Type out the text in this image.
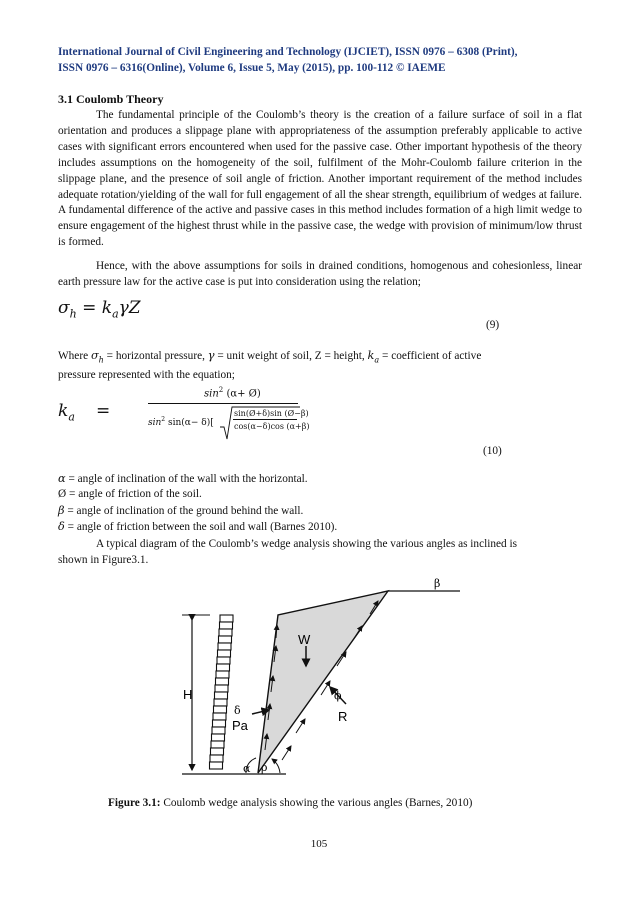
International Journal of Civil Engineering and Technology (IJCIET), ISSN 0976 – 6308 (Print),
ISSN 0976 – 6316(Online), Volume 6, Issue 5, May (2015), pp. 100-112 © IAEME
3.1 Coulomb Theory
The fundamental principle of the Coulomb’s theory is the creation of a failure surface of soil in a flat orientation and produces a slippage plane with appropriateness of the assumption preferably applicable to active cases with significant errors encountered when used for the passive case. Other important hypothesis of the theory includes assumptions on the homogeneity of the soil, fulfilment of the Mohr-Coulomb failure criterion in the slippage plane, and the presence of soil angle of friction. Another important requirement of the method includes adequate rotation/yielding of the wall for full engagement of all the shear strength, equilibrium of wedges at failure. A fundamental difference of the active and passive cases in this method includes formation of a high limit wedge to ensure engagement of the highest thrust while in the passive case, the wedge with provision of minimum/low thrust is formed.
Hence, with the above assumptions for soils in drained conditions, homogenous and cohesionless, linear earth pressure law for the active case is put into consideration using the relation;
$\sigma_h = k_a\gamma Z$
(9)
Where $\sigma_h$ = horizontal pressure, γ = unit weight of soil, Z = height, $k_a$ = coefficient of active
pressure represented with the equation;
$k_a$ =
$\sin^2 (\alpha+$ Ø)
$\sin^2 \sin(\alpha- \delta)$[
sin(Ø+δ)sin (Ø−β)
cos(α−δ)cos (α+β)
(10)
α = angle of inclination of the wall with the horizontal.
Ø = angle of friction of the soil.
β = angle of inclination of the ground behind the wall.
δ = angle of friction between the soil and wall (Barnes 2010).
A typical diagram of the Coulomb’s wedge analysis showing the various angles as inclined is
shown in Figure3.1.
H
W
δ
Pa
ϕ
R
α ρ
β
Figure 3.1: Coulomb wedge analysis showing the various angles (Barnes, 2010)
105
